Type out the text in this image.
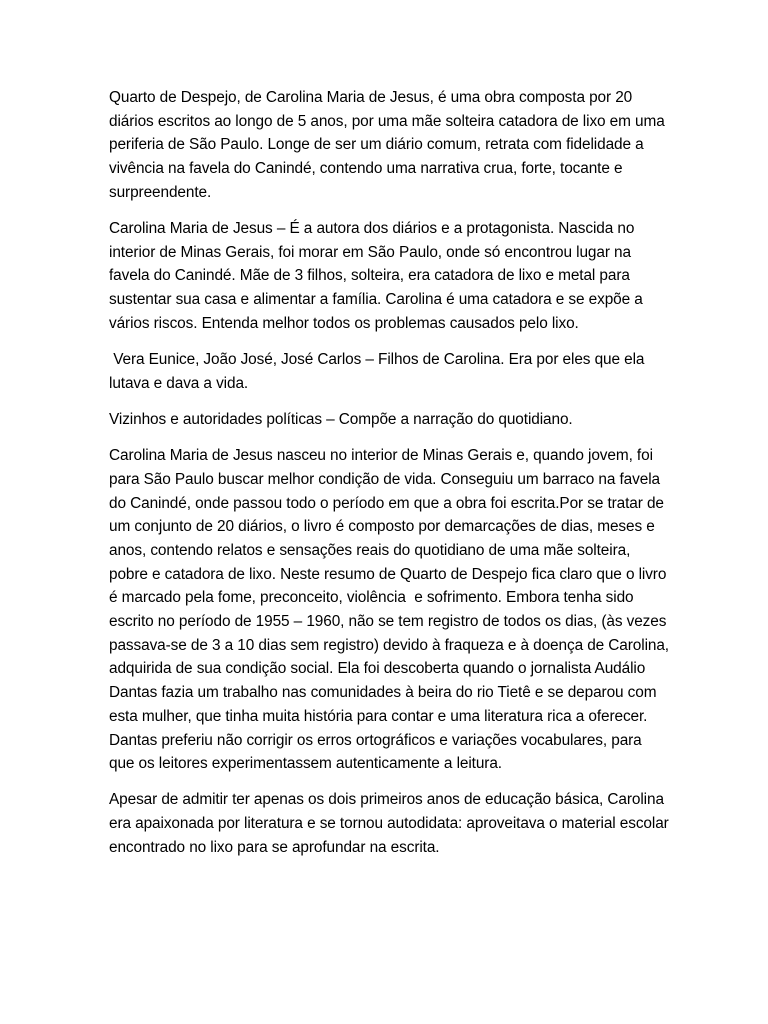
Quarto de Despejo, de Carolina Maria de Jesus, é uma obra composta por 20 diários escritos ao longo de 5 anos, por uma mãe solteira catadora de lixo em uma periferia de São Paulo. Longe de ser um diário comum, retrata com fidelidade a vivência na favela do Canindé, contendo uma narrativa crua, forte, tocante e surpreendente.

Carolina Maria de Jesus – É a autora dos diários e a protagonista. Nascida no interior de Minas Gerais, foi morar em São Paulo, onde só encontrou lugar na favela do Canindé. Mãe de 3 filhos, solteira, era catadora de lixo e metal para sustentar sua casa e alimentar a família. Carolina é uma catadora e se expõe a vários riscos. Entenda melhor todos os problemas causados pelo lixo.

Vera Eunice, João José, José Carlos – Filhos de Carolina. Era por eles que ela lutava e dava a vida.

Vizinhos e autoridades políticas – Compõe a narração do quotidiano.

Carolina Maria de Jesus nasceu no interior de Minas Gerais e, quando jovem, foi para São Paulo buscar melhor condição de vida. Conseguiu um barraco na favela do Canindé, onde passou todo o período em que a obra foi escrita.Por se tratar de um conjunto de 20 diários, o livro é composto por demarcações de dias, meses e anos, contendo relatos e sensações reais do quotidiano de uma mãe solteira, pobre e catadora de lixo. Neste resumo de Quarto de Despejo fica claro que o livro é marcado pela fome, preconceito, violência  e sofrimento. Embora tenha sido escrito no período de 1955 – 1960, não se tem registro de todos os dias, (às vezes passava-se de 3 a 10 dias sem registro) devido à fraqueza e à doença de Carolina, adquirida de sua condição social. Ela foi descoberta quando o jornalista Audálio Dantas fazia um trabalho nas comunidades à beira do rio Tietê e se deparou com esta mulher, que tinha muita história para contar e uma literatura rica a oferecer.  Dantas preferiu não corrigir os erros ortográficos e variações vocabulares, para que os leitores experimentassem autenticamente a leitura.

Apesar de admitir ter apenas os dois primeiros anos de educação básica, Carolina era apaixonada por literatura e se tornou autodidata: aproveitava o material escolar encontrado no lixo para se aprofundar na escrita.
